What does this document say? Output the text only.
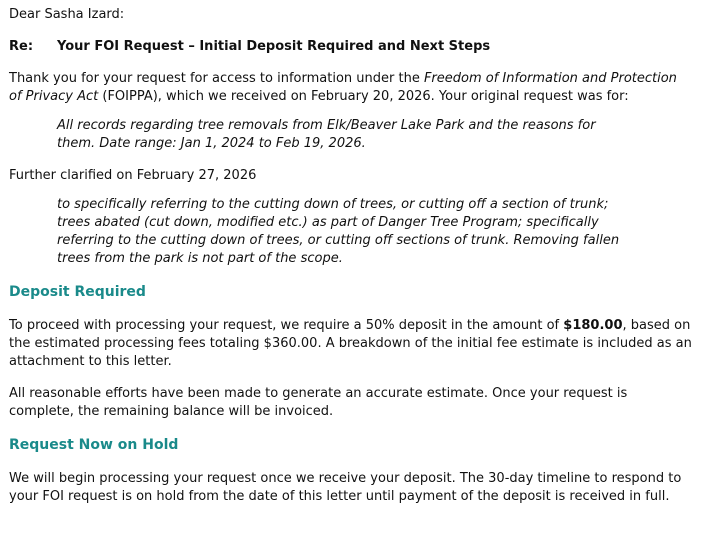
Dear Sasha Izard:

Re:	Your FOI Request – Initial Deposit Required and Next Steps

Thank you for your request for access to information under the Freedom of Information and Protection of Privacy Act (FOIPPA), which we received on February 20, 2026. Your original request was for:

All records regarding tree removals from Elk/Beaver Lake Park and the reasons for them. Date range: Jan 1, 2024 to Feb 19, 2026.

Further clarified on February 27, 2026

to specifically referring to the cutting down of trees, or cutting off a section of trunk; trees abated (cut down, modified etc.) as part of Danger Tree Program; specifically referring to the cutting down of trees, or cutting off sections of trunk. Removing fallen trees from the park is not part of the scope.

Deposit Required

To proceed with processing your request, we require a 50% deposit in the amount of $180.00, based on the estimated processing fees totaling $360.00. A breakdown of the initial fee estimate is included as an attachment to this letter.

All reasonable efforts have been made to generate an accurate estimate. Once your request is complete, the remaining balance will be invoiced.

Request Now on Hold

We will begin processing your request once we receive your deposit. The 30-day timeline to respond to your FOI request is on hold from the date of this letter until payment of the deposit is received in full.
